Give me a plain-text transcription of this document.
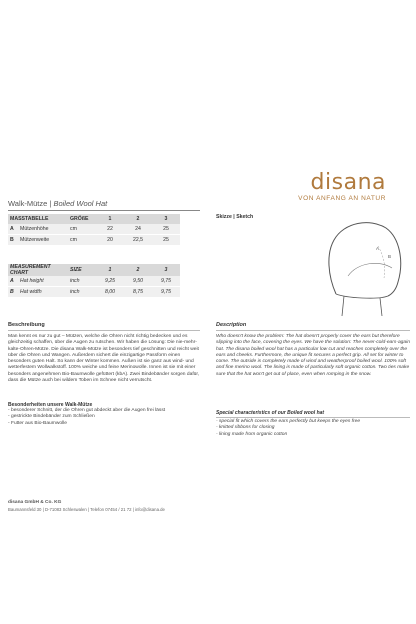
disana
VON ANFANG AN NATUR
Walk-Mütze | Boiled Wool Hat
MASSTABELLE		GRÖßE	1	2	3
A	Mützenhöhe	cm	22	24	25
B	Mützenweite	cm	20	22,5	25
MEASUREMENT CHART		SIZE	1	2	3
A	Hat height	inch	9,25	9,50	9,75
B	Hat width	inch	8,00	8,75	9,75
Skizze | Sketch
A
B
Beschreibung
Man kennt es nur zu gut – Mützen, welche die Ohren nicht richtig bedecken und es gleichzeitig schaffen, über die Augen zu rutschen. Wir haben die Lösung: Die nie-mehr-kalte-Ohren-Mütze. Die disana Walk-Mütze ist besonders tief geschnitten und reicht weit über die Ohren und Wangen. Außerdem sichert die einzigartige Passform einen besonders guten Halt. So kann der Winter kommen. Außen ist sie ganz aus wind- und wetterfestem Wollwalkstoff. 100% weiche und feine Merinowolle. Innen ist sie mit einer besonders angenehmen Bio-Baumwolle gefüttert (kbA). Zwei Bindebänder sorgen dafür, dass die Mütze auch bei wildem Toben im Schnee nicht verrutscht.
Besonderheiten unsere Walk-Mütze
- besonderer Schnitt, der die Ohren gut abdeckt aber die Augen frei lässt
- gestrickte Bindebänder zum Schließen
- Futter aus Bio-Baumwolle
Description
Who doesn't know the problem: The hat doesn't properly cover the ears but therefore slipping into the face, covering the eyes. We have the solution: The never-cold-ears-again hat. The disana boiled wool hat has a particular low cut and reaches completely over the ears and cheeks. Furthermore, the unique fit secures a perfect grip. All set for winter to come. The outside is completely made of wind and weatherproof boiled wool. 100% soft and fine merino wool. The lining is made of particularly soft organic cotton. Two ties make sure that the hat won't get out of place, even when romping in the snow.
Special characteristics of our Boiled wool hat
- special fit which covers the ears perfectly but keeps the eyes free
- knitted ribbons for closing
- lining made from organic cotton
disana GmbH & Co. KG
Baumannsfeld 30 | D-71083 Schleswalen | Telefon 07454 / 21 72 | info@disana.de
